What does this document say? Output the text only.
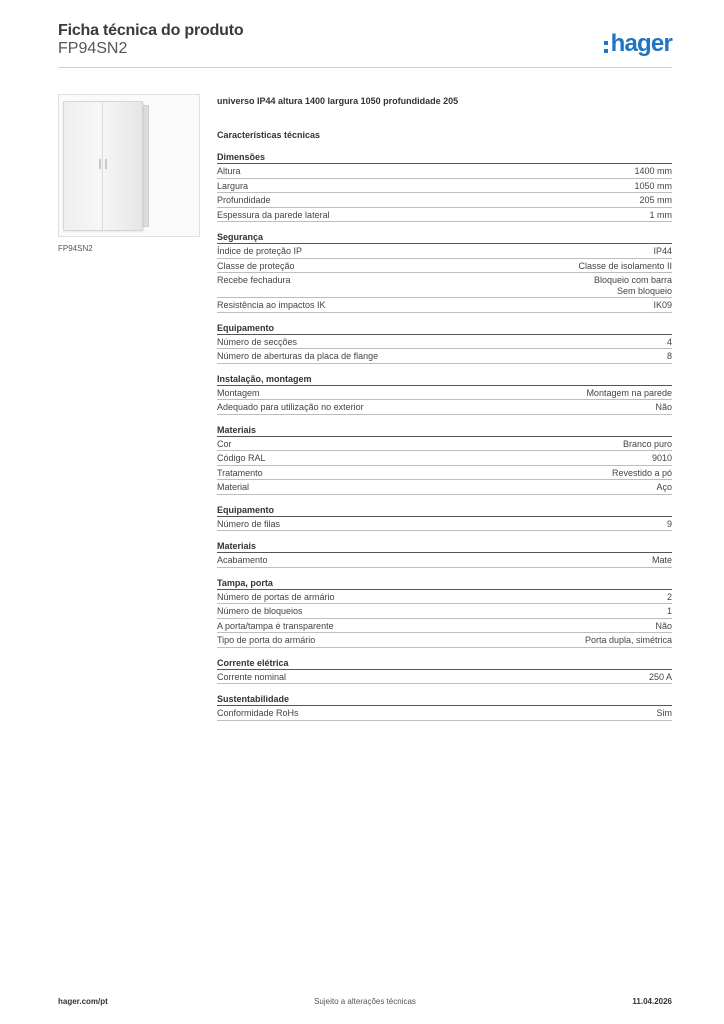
Ficha técnica do produto
FP94SN2	hager
FP94SN2
universo IP44 altura 1400 largura 1050 profundidade 205
Características técnicas
Dimensões
Altura	1400 mm
Largura	1050 mm
Profundidade	205 mm
Espessura da parede lateral	1 mm
Segurança
Índice de proteção IP	IP44
Classe de proteção	Classe de isolamento II
Recebe fechadura	Bloqueio com barra
Sem bloqueio
Resistência ao impactos IK	IK09
Equipamento
Número de secções	4
Número de aberturas da placa de flange	8
Instalação, montagem
Montagem	Montagem na parede
Adequado para utilização no exterior	Não
Materiais
Cor	Branco puro
Código RAL	9010
Tratamento	Revestido a pó
Material	Aço
Equipamento
Número de filas	9
Materiais
Acabamento	Mate
Tampa, porta
Número de portas de armário	2
Número de bloqueios	1
A porta/tampa é transparente	Não
Tipo de porta do armário	Porta dupla, simétrica
Corrente elétrica
Corrente nominal	250 A
Sustentabilidade
Conformidade RoHs	Sim
hager.com/pt	Sujeito a alterações técnicas	11.04.2026
